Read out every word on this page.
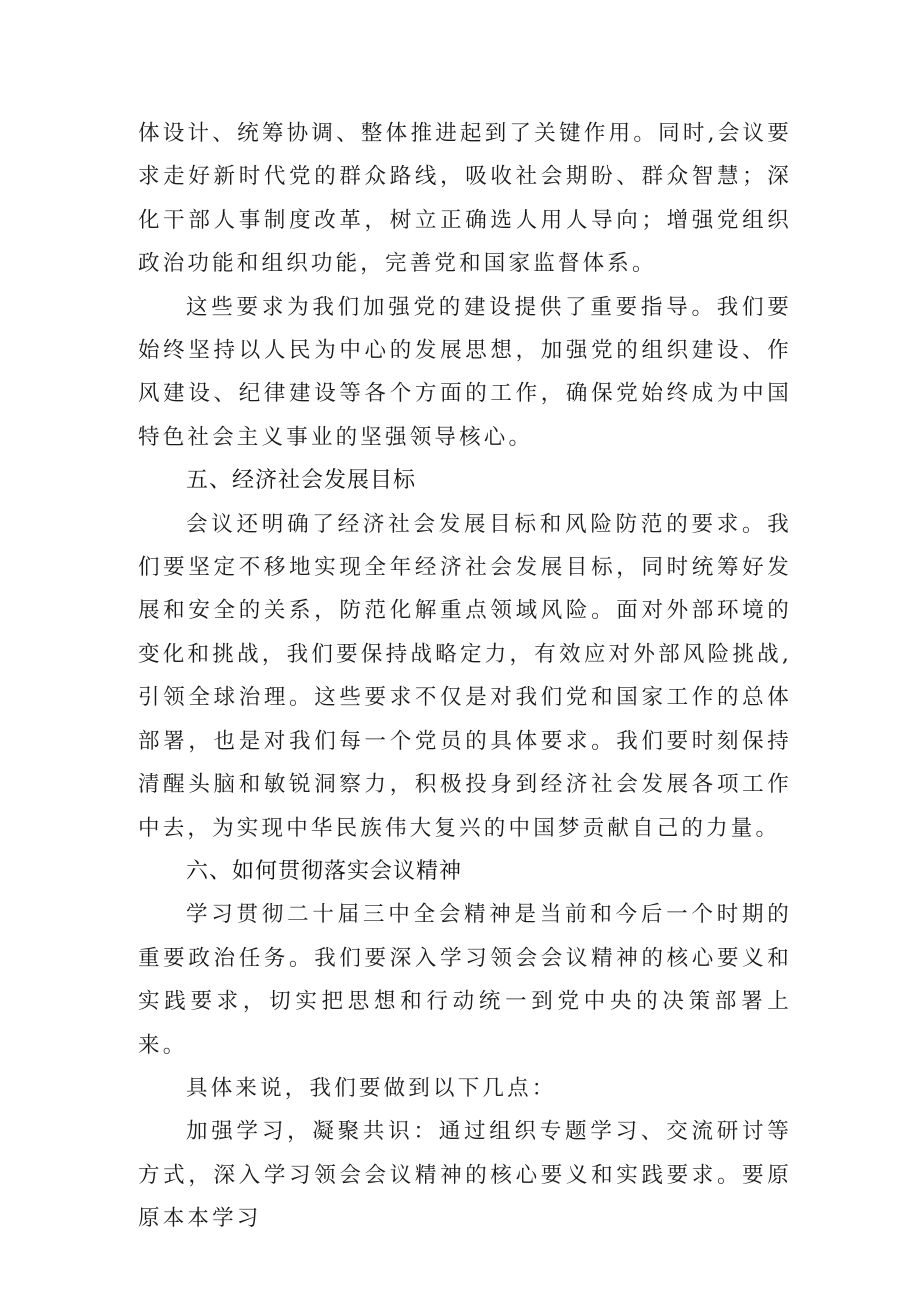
体设计、统筹协调、整体推进起到了关键作用。同时,会议要求走好新时代党的群众路线，吸收社会期盼、群众智慧；深化干部人事制度改革，树立正确选人用人导向；增强党组织政治功能和组织功能，完善党和国家监督体系。

这些要求为我们加强党的建设提供了重要指导。我们要始终坚持以人民为中心的发展思想，加强党的组织建设、作风建设、纪律建设等各个方面的工作，确保党始终成为中国特色社会主义事业的坚强领导核心。

五、经济社会发展目标

会议还明确了经济社会发展目标和风险防范的要求。我们要坚定不移地实现全年经济社会发展目标，同时统筹好发展和安全的关系，防范化解重点领域风险。面对外部环境的变化和挑战，我们要保持战略定力，有效应对外部风险挑战,引领全球治理。这些要求不仅是对我们党和国家工作的总体部署，也是对我们每一个党员的具体要求。我们要时刻保持清醒头脑和敏锐洞察力，积极投身到经济社会发展各项工作中去，为实现中华民族伟大复兴的中国梦贡献自己的力量。

六、如何贯彻落实会议精神

学习贯彻二十届三中全会精神是当前和今后一个时期的重要政治任务。我们要深入学习领会会议精神的核心要义和实践要求，切实把思想和行动统一到党中央的决策部署上来。

具体来说，我们要做到以下几点：

加强学习，凝聚共识：通过组织专题学习、交流研讨等方式，深入学习领会会议精神的核心要义和实践要求。要原原本本学习
